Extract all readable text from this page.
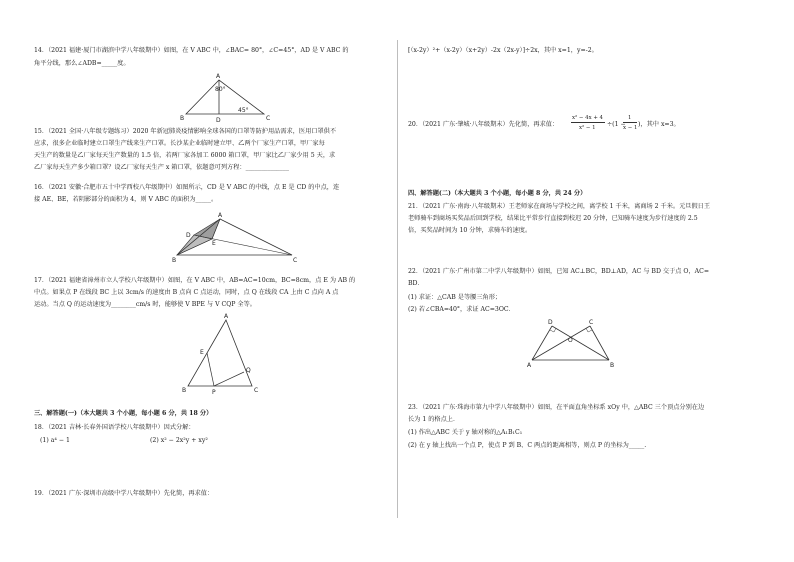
14．（2021 福建·厦门市湖滨中学八年级期中）如图，在 V ABC 中，∠BAC= 80°，∠C=45°，AD 是 V ABC 的
角平分线，那么∠ADB=_____度。
A
B	D	C
80°
45°
15．（2021 全国·八年级专题练习）2020 年新冠肺炎疫情影响全球各国的口罩等防护用品需求，医用口罩供不
应求，很多企业临时建立口罩生产线来生产口罩。长沙某企业临时建立甲、乙两个厂家生产口罩，甲厂家每
天生产的数量是乙厂家每天生产数量的 1.5 倍，若两厂家各加工 6000 箱口罩，甲厂家比乙厂家少用 5 天，求
乙厂家每天生产多少箱口罩？设乙厂家每天生产 x 箱口罩，依题意可列方程：______________
16．（2021 安徽·合肥市五十中学西校八年级期中）如图所示，CD 是 V ABC 的中线，点 E 是 CD 的中点，连
接 AE、BE，若阴影部分的面积为 4，则 V ABC 的面积为_____。
A
D
E
B	C
17．（2021 福建省漳州市立人学校八年级期中）如图，在 V ABC 中，AB=AC=10cm，BC=8cm，点 E 为 AB 的
中点。如果点 P 在线段 BC 上以 3cm/s 的速度由 B 点向 C 点运动，同时，点 Q 在线段 CA 上由 C 点向 A 点
运动。当点 Q 的运动速度为________cm/s 时，能够使 V BPE 与 V CQP 全等。
A
E
Q
B	P	C
三、解答题(一)（本大题共 3 个小题，每小题 6 分，共 18 分）
18．（2021 吉林·长春外国语学校八年级期中）因式分解：
(1) a⁴ − 1	(2) x² − 2x²y + xy²
19．（2021 广东·深圳市高级中学八年级期中）先化简，再求值：
[（x-2y）²+（x-2y）（x+2y）-2x（2x-y）]÷2x，其中 x=1，y=-2。
20．（2021 广东·肇城·八年级期末）先化简，再求值：
x² − 4x + 4
x² − 1 ÷(1 −
1
x − 1 )，其中 x=3。
四、解答题(二)（本大题共 3 个小题，每小题 8 分，共 24 分）
21．（2021 广东·南海·八年级期末）王老师家在商场与学校之间，离学校 1 千米，离商场 2 千米。元旦假日王
老师骑车到商场买奖品后回到学校，结果比平常步行直接到校迟 20 分钟，已知骑车速度为步行速度的 2.5
倍，买奖品时间为 10 分钟，求骑车的速度。
22．（2021 广东·广州市第二中学八年级期中）如图，已知 AC⊥BC，BD⊥AD，AC 与 BD 交于点 O，AC=
BD．
(1) 求证：△CAB 是等腰三角形；
(2) 若∠CBA=40°，求证 AC=3OC．
D	C
O
A	B
23．（2021 广东·珠海市第九中学八年级期中）如图，在平面直角坐标系 xOy 中，△ABC 三个顶点分别在边
长为 1 的格点上．
(1) 作出△ABC 关于 y 轴对称的△A₁B₁C₁
(2) 在 y 轴上找出一个点 P，使点 P 到 B、C 两点的距离相等，则点 P 的坐标为_____.
